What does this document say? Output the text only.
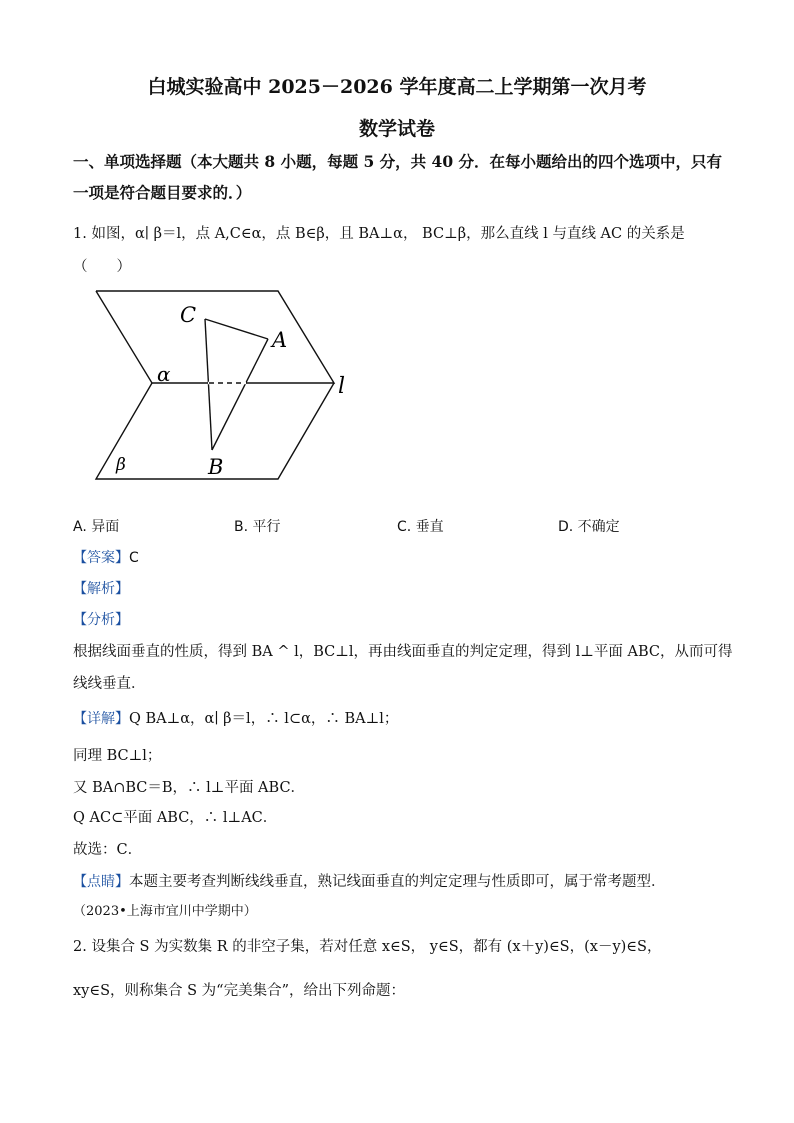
白城实验高中 2025－2026 学年度高二上学期第一次月考
数学试卷
一、单项选择题（本大题共 8 小题，每题 5 分，共 40 分．在每小题给出的四个选项中，只有
一项是符合题目要求的．）
1. 如图，α∣ β＝l，点 A,C∈α，点 B∈β，且 BA⊥α， BC⊥β，那么直线 l 与直线 AC 的关系是
（　　）
C
A
α	l
β	B
A. 异面	B. 平行	C. 垂直	D. 不确定
【答案】C
【解析】
【分析】
根据线面垂直的性质，得到 BA ^ l，BC⊥l，再由线面垂直的判定定理，得到 l⊥平面 ABC，从而可得
线线垂直．
【详解】Q BA⊥α，α∣ β＝l，∴ l⊂α，∴ BA⊥l；
同理 BC⊥l；
又 BA∩BC＝B，∴ l⊥平面 ABC．
Q AC⊂平面 ABC，∴ l⊥AC．
故选：C．
【点睛】本题主要考查判断线线垂直，熟记线面垂直的判定定理与性质即可，属于常考题型．
（2023•上海市宜川中学期中）
2. 设集合 S 为实数集 R 的非空子集，若对任意 x∈S， y∈S，都有 (x＋y)∈S，(x－y)∈S，
xy∈S，则称集合 S 为“完美集合”，给出下列命题：
